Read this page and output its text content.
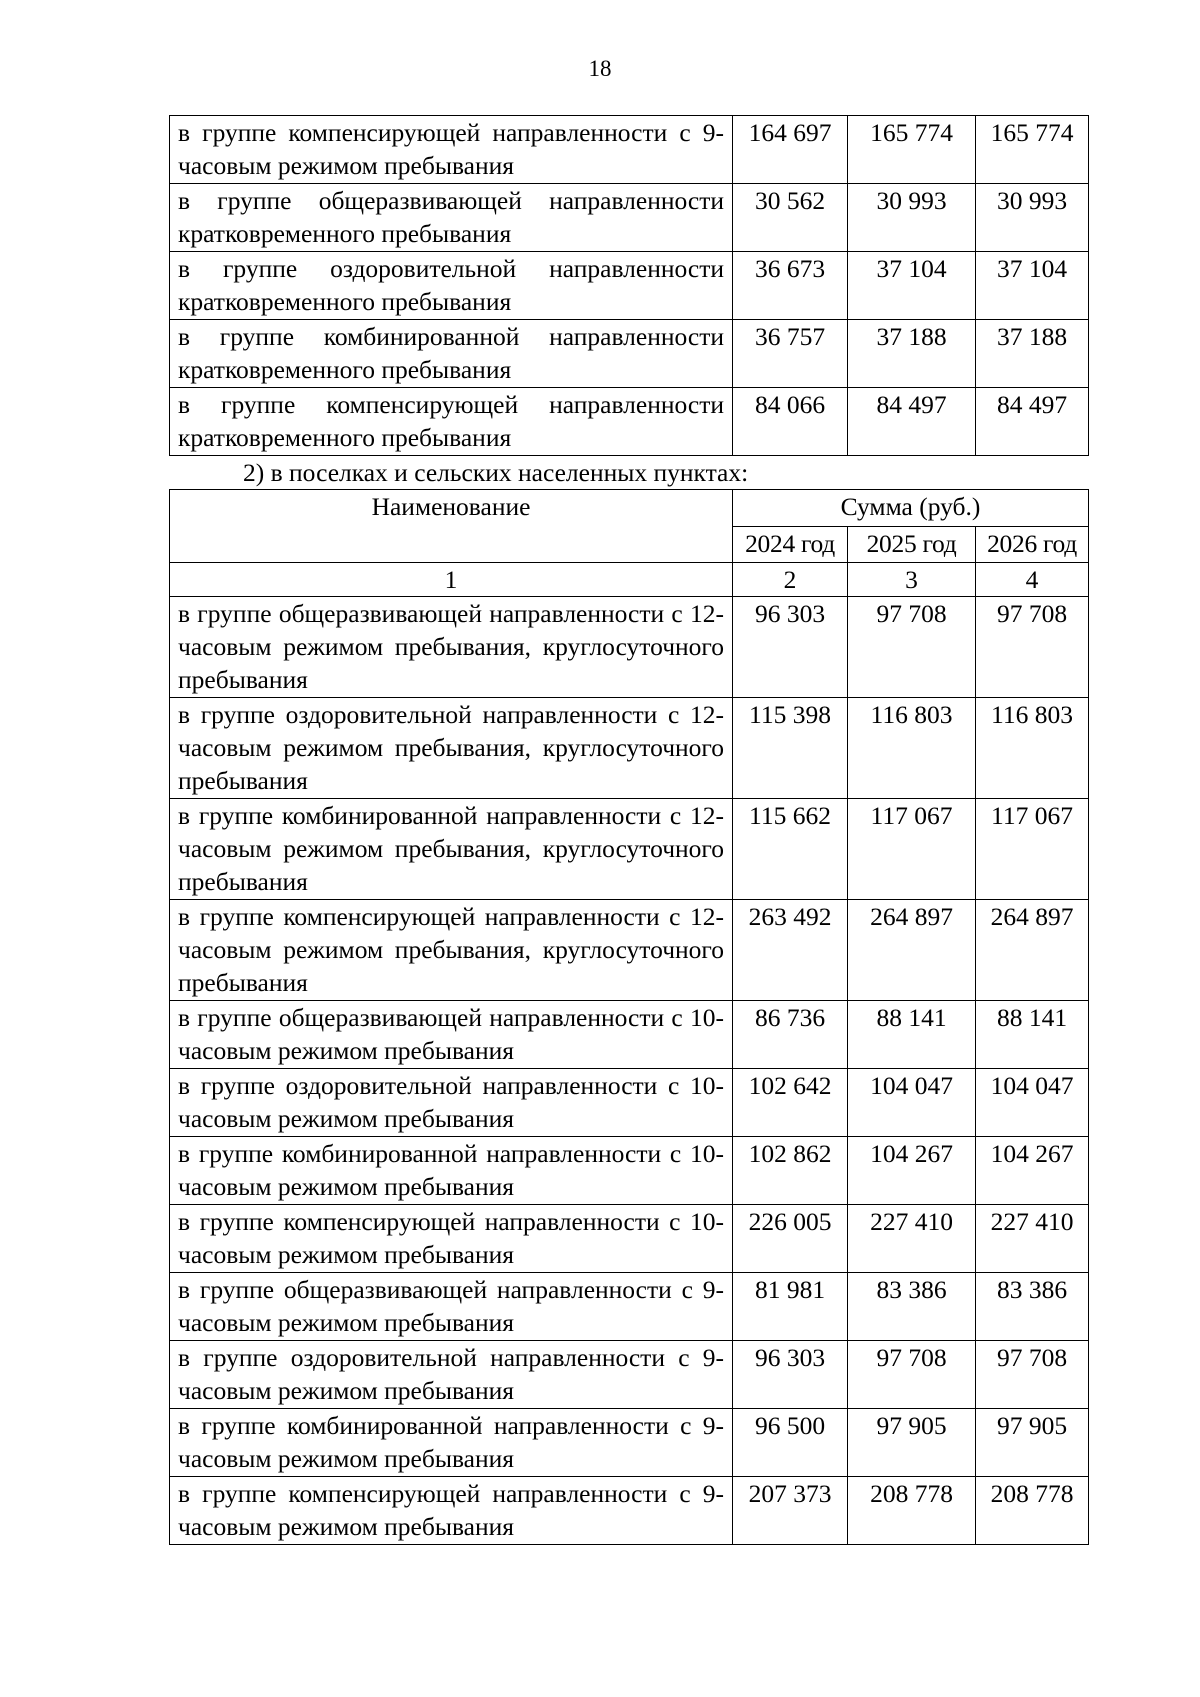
18
в группе компенсирующей направленности с 9-часовым режимом пребывания	164 697	165 774	165 774
в группе общеразвивающей направленности кратковременного пребывания	30 562	30 993	30 993
в группе оздоровительной направленности кратковременного пребывания	36 673	37 104	37 104
в группе комбинированной направленности кратковременного пребывания	36 757	37 188	37 188
в группе компенсирующей направленности кратковременного пребывания	84 066	84 497	84 497
2) в поселках и сельских населенных пунктах:
Наименование	Сумма (руб.)		
	2024 год	2025 год	2026 год
1	2	3	4
в группе общеразвивающей направленности с 12-часовым режимом пребывания, круглосуточного пребывания	96 303	97 708	97 708
в группе оздоровительной направленности с 12-часовым режимом пребывания, круглосуточного пребывания	115 398	116 803	116 803
в группе комбинированной направленности с 12-часовым режимом пребывания, круглосуточного пребывания	115 662	117 067	117 067
в группе компенсирующей направленности с 12-часовым режимом пребывания, круглосуточного пребывания	263 492	264 897	264 897
в группе общеразвивающей направленности с 10-часовым режимом пребывания	86 736	88 141	88 141
в группе оздоровительной направленности с 10-часовым режимом пребывания	102 642	104 047	104 047
в группе комбинированной направленности с 10-часовым режимом пребывания	102 862	104 267	104 267
в группе компенсирующей направленности с 10-часовым режимом пребывания	226 005	227 410	227 410
в группе общеразвивающей направленности с 9-часовым режимом пребывания	81 981	83 386	83 386
в группе оздоровительной направленности с 9-часовым режимом пребывания	96 303	97 708	97 708
в группе комбинированной направленности с 9-часовым режимом пребывания	96 500	97 905	97 905
в группе компенсирующей направленности с 9-часовым режимом пребывания	207 373	208 778	208 778
